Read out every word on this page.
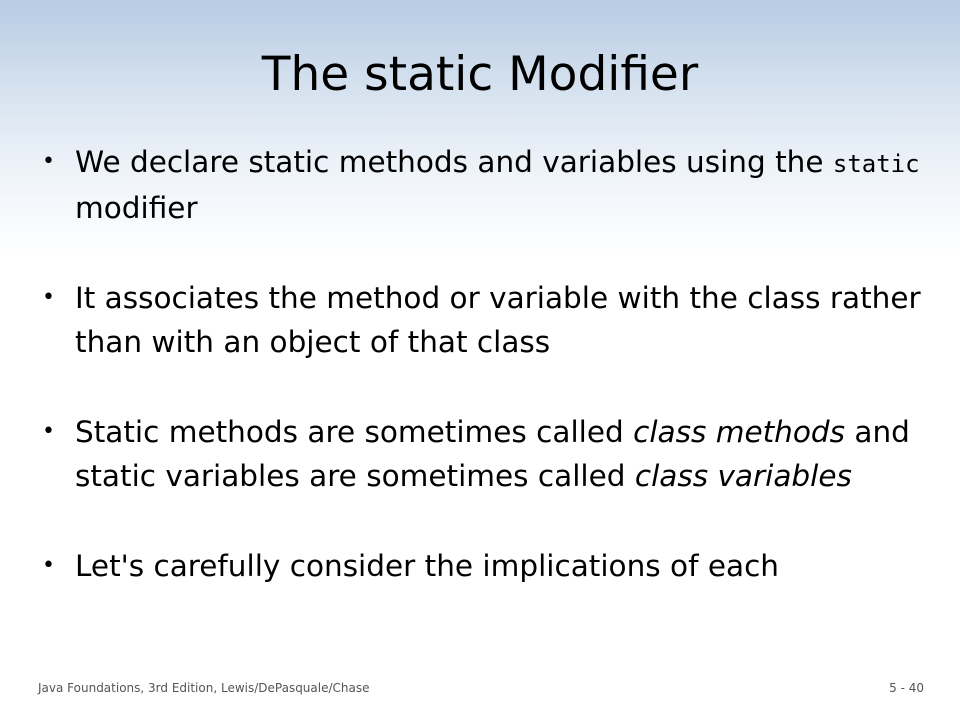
The static Modifier
• We declare static methods and variables using the static modifier
• It associates the method or variable with the class rather than with an object of that class
• Static methods are sometimes called class methods and static variables are sometimes called class variables
• Let's carefully consider the implications of each
Java Foundations, 3rd Edition, Lewis/DePasquale/Chase	5 - 40
